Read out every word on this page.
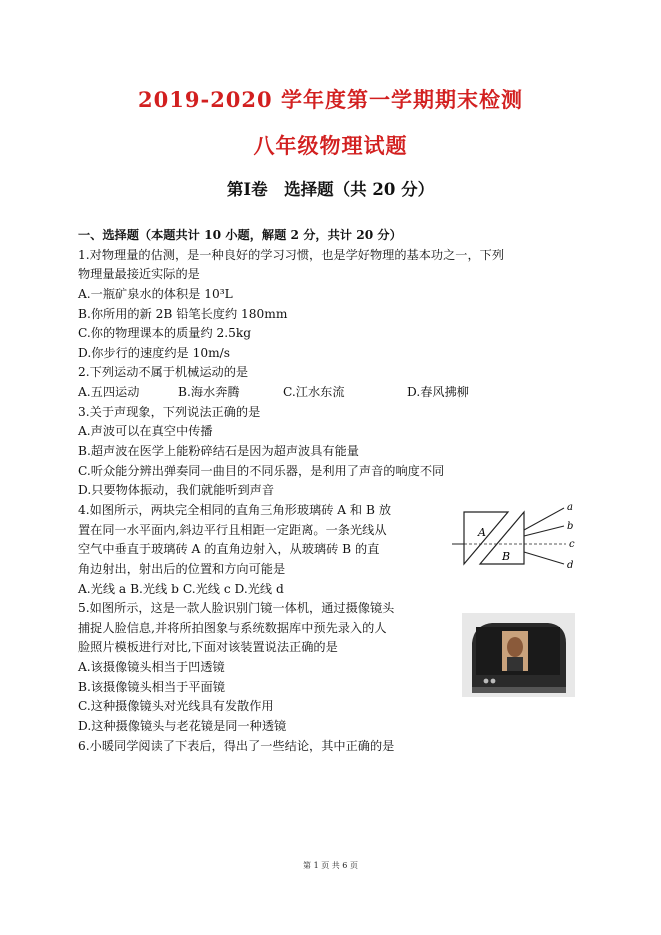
2019-2020 学年度第一学期期末检测
八年级物理试题
第Ⅰ卷　选择题（共 20 分）
一、选择题（本题共计 10 小题，解题 2 分，共计 20 分）
1.对物理量的估测，是一种良好的学习习惯，也是学好物理的基本功之一，下列
物理量最接近实际的是
A.一瓶矿泉水的体积是 10³L
B.你所用的新 2B 铅笔长度约 180mm
C.你的物理课本的质量约 2.5kg
D.你步行的速度约是 10m/s
2.下列运动不属于机械运动的是
A.五四运动	B.海水奔腾	C.江水东流	D.春风拂柳
3.关于声现象，下列说法正确的是
A.声波可以在真空中传播
B.超声波在医学上能粉碎结石是因为超声波具有能量
C.听众能分辨出弹奏同一曲目的不同乐器，是利用了声音的响度不同
D.只要物体振动，我们就能听到声音
4.如图所示，两块完全相同的直角三角形玻璃砖 A 和 B 放
置在同一水平面内,斜边平行且相距一定距离。一条光线从
空气中垂直于玻璃砖 A 的直角边射入，从玻璃砖 B 的直
角边射出，射出后的位置和方向可能是
A.光线 a B.光线 b C.光线 c D.光线 d
5.如图所示，这是一款人脸识别门镜一体机，通过摄像镜头
捕捉人脸信息,并将所拍图象与系统数据库中预先录入的人
脸照片模板进行对比,下面对该装置说法正确的是
A.该摄像镜头相当于凹透镜
B.该摄像镜头相当于平面镜
C.这种摄像镜头对光线具有发散作用
D.这种摄像镜头与老花镜是同一种透镜
6.小暖同学阅读了下表后，得出了一些结论，其中正确的是
A
B
a
b
c
d
第 1 页 共 6 页
